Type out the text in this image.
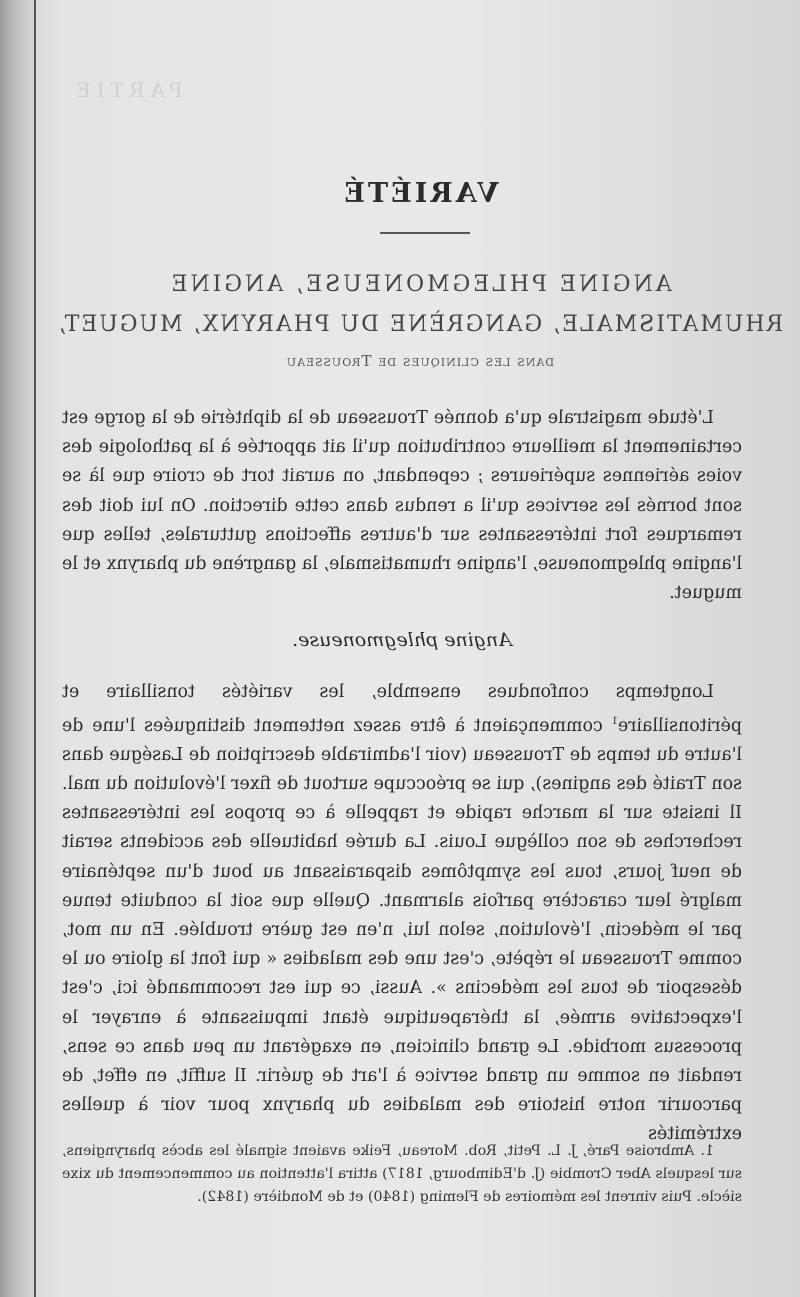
PARTIE
VARIÉTÉ
ANGINE PHLEGMONEUSE, ANGINE
RHUMATISMALE, GANGRÈNE DU PHARYNX, MUGUET,
dans les cliniques de Trousseau

L'étude magistrale qu'a donnée Trousseau de la diphtérie de la gorge est certainement la meilleure contribution qu'il ait apportée à la pathologie des voies aériennes supérieures ; cependant, on aurait tort de croire que là se sont bornés les services qu'il a rendus dans cette direction. On lui doit des remarques fort intéressantes sur d'autres affections gutturales, telles que l'angine phlegmoneuse, l'angine rhumatismale, la gangrène du pharynx et le muguet.

Angine phlegmoneuse.

Longtemps confondues ensemble, les variétés tonsillaire et péritonsillaire$^1$ commençaient à être assez nettement distinguées l'une de l'autre du temps de Trousseau (voir l'admirable description de Laségue dans son Traité des angines), qui se préoccupe surtout de fixer l'évolution du mal. Il insiste sur la marche rapide et rappelle à ce propos les intéressantes recherches de son collègue Louis. La durée habituelle des accidents serait de neuf jours, tous les symptômes disparaissant au bout d'un septénaire malgré leur caractère parfois alarmant. Quelle que soit la conduite tenue par le médecin, l'évolution, selon lui, n'en est guère troublée. En un mot, comme Trousseau le répète, c'est une des maladies « qui font la gloire ou le désespoir de tous les médecins ». Aussi, ce qui est recommandé ici, c'est l'expectative armée, la thérapeutique étant impuissante à enrayer le processus morbide. Le grand clinicien, en exagérant un peu dans ce sens, rendait en somme un grand service à l'art de guérir. Il suffit, en effet, de parcourir notre histoire des maladies du pharynx pour voir à quelles extrémités

1. Ambroise Paré, J. L. Petit, Rob. Moreau, Feike avaient signalé les abcès pharyngiens, sur lesquels Aber Crombie (J. d'Edimbourg, 1817) attira l'attention au commencement du xixe siècle. Puis vinrent les mémoires de Fleming (1840) et de Mondière (1842).
